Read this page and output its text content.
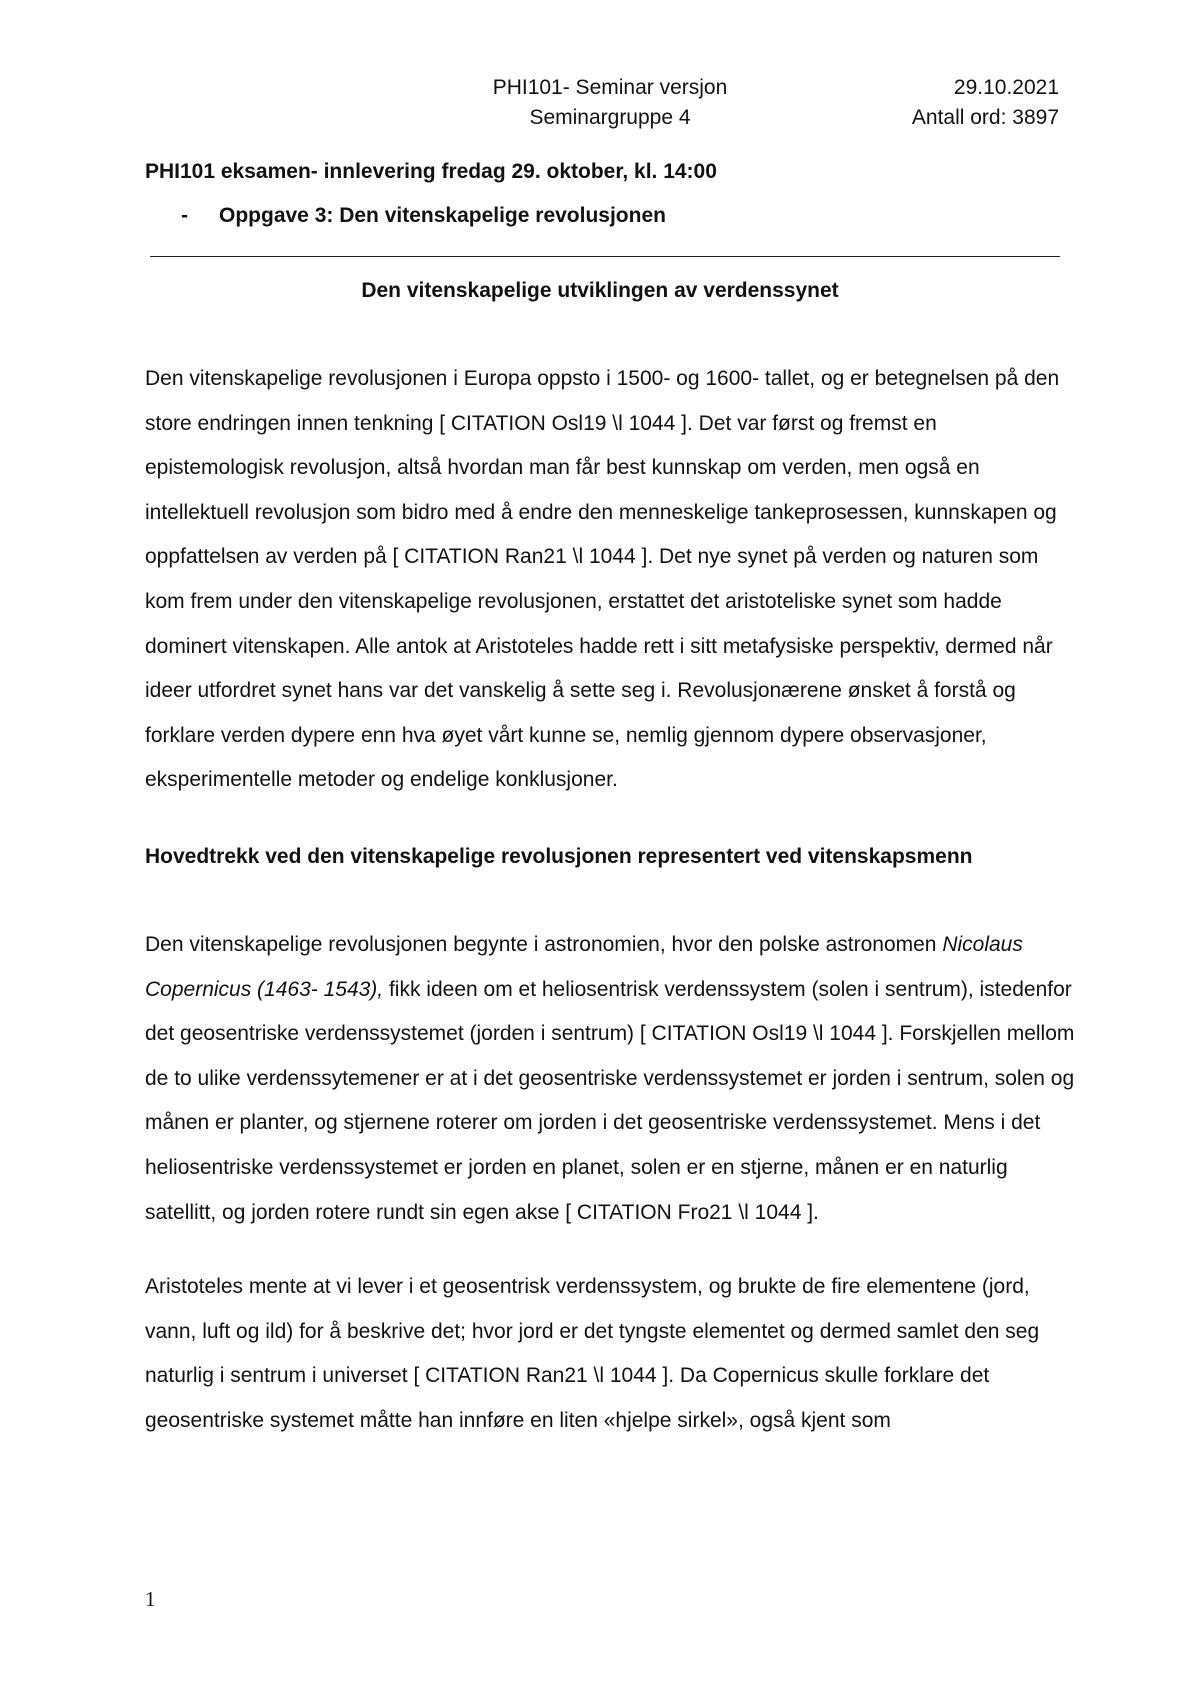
PHI101- Seminar versjon
Seminargruppe 4
29.10.2021
Antall ord: 3897
PHI101 eksamen- innlevering fredag 29. oktober, kl. 14:00
-	Oppgave 3: Den vitenskapelige revolusjonen
Den vitenskapelige utviklingen av verdenssynet

Den vitenskapelige revolusjonen i Europa oppsto i 1500- og 1600- tallet, og er betegnelsen på den store endringen innen tenkning [ CITATION Osl19 \l 1044 ]. Det var først og fremst en epistemologisk revolusjon, altså hvordan man får best kunnskap om verden, men også en intellektuell revolusjon som bidro med å endre den menneskelige tankeprosessen, kunnskapen og oppfattelsen av verden på [ CITATION Ran21 \l 1044 ]. Det nye synet på verden og naturen som kom frem under den vitenskapelige revolusjonen, erstattet det aristoteliske synet som hadde dominert vitenskapen. Alle antok at Aristoteles hadde rett i sitt metafysiske perspektiv, dermed når ideer utfordret synet hans var det vanskelig å sette seg i. Revolusjonærene ønsket å forstå og forklare verden dypere enn hva øyet vårt kunne se, nemlig gjennom dypere observasjoner, eksperimentelle metoder og endelige konklusjoner.

Hovedtrekk ved den vitenskapelige revolusjonen representert ved vitenskapsmenn

Den vitenskapelige revolusjonen begynte i astronomien, hvor den polske astronomen Nicolaus Copernicus (1463- 1543), fikk ideen om et heliosentrisk verdenssystem (solen i sentrum), istedenfor det geosentriske verdenssystemet (jorden i sentrum) [ CITATION Osl19 \l 1044 ]. Forskjellen mellom de to ulike verdenssytemener er at i det geosentriske verdenssystemet er jorden i sentrum, solen og månen er planter, og stjernene roterer om jorden i det geosentriske verdenssystemet. Mens i det heliosentriske verdenssystemet er jorden en planet, solen er en stjerne, månen er en naturlig satellitt, og jorden rotere rundt sin egen akse [ CITATION Fro21 \l 1044 ].

Aristoteles mente at vi lever i et geosentrisk verdenssystem, og brukte de fire elementene (jord, vann, luft og ild) for å beskrive det; hvor jord er det tyngste elementet og dermed samlet den seg naturlig i sentrum i universet [ CITATION Ran21 \l 1044 ]. Da Copernicus skulle forklare det geosentriske systemet måtte han innføre en liten «hjelpe sirkel», også kjent som

1
